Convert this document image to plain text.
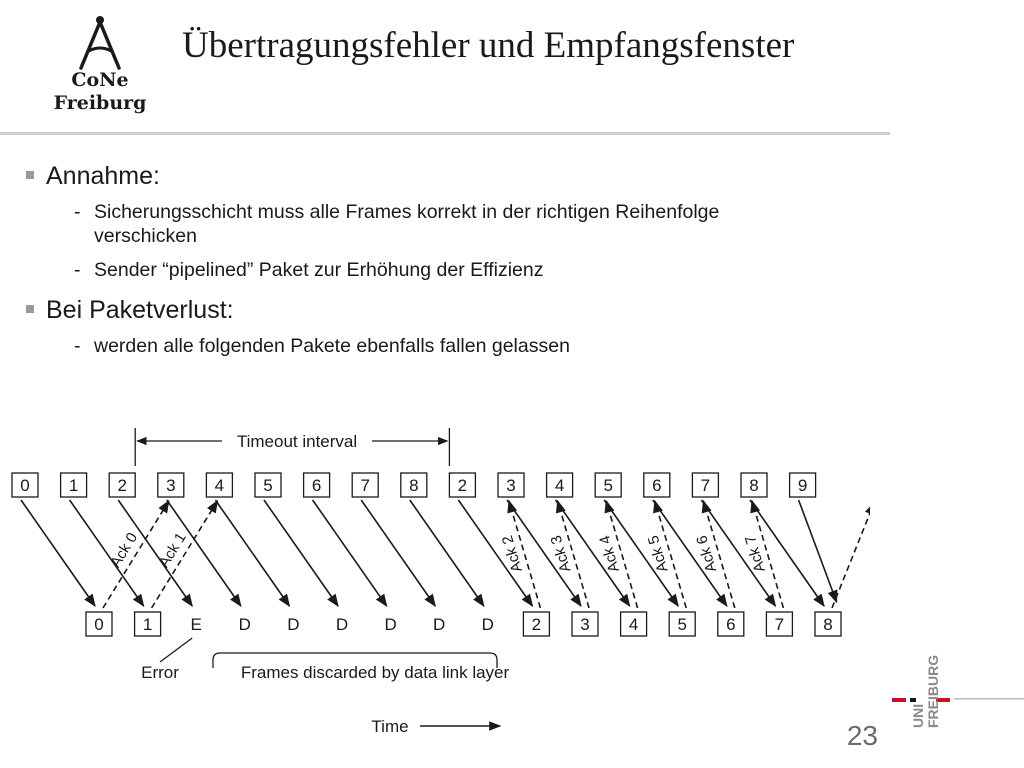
CoNe
Freiburg
Übertragungsfehler und Empfangsfenster
Annahme:
- Sicherungsschicht muss alle Frames korrekt in der richtigen Reihenfolge verschicken
- Sender “pipelined” Paket zur Erhöhung der Effizienz
Bei Paketverlust:
- werden alle folgenden Pakete ebenfalls fallen gelassen
0 1 2 3 4 5 6 7 8 2 3 4 5 6 7 8 9
0 1 E D D D D D D 2 3 4 5 6 7 8
Ack 0 Ack 1	Ack 2 Ack 3 Ack 4 Ack 5 Ack 6 Ack 7
Timeout interval
Error	Frames discarded by data link layer
Time	23
UNI FREIBURG
